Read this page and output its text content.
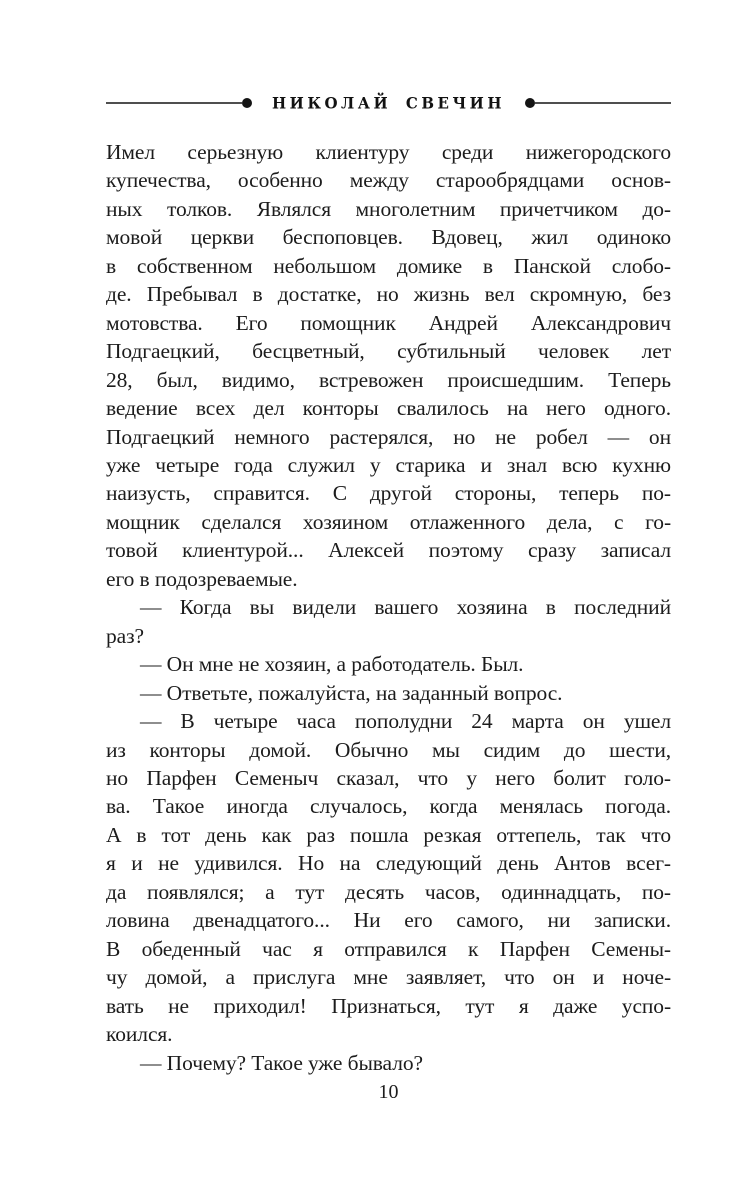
НИКОЛАЙ СВЕЧИН
Имел серьезную клиентуру среди нижегородского
купечества, особенно между старообрядцами основ-
ных толков. Являлся многолетним причетчиком до-
мовой церкви беспоповцев. Вдовец, жил одиноко
в собственном небольшом домике в Панской слобо-
де. Пребывал в достатке, но жизнь вел скромную, без
мотовства. Его помощник Андрей Александрович
Подгаецкий, бесцветный, субтильный человек лет
28, был, видимо, встревожен происшедшим. Теперь
ведение всех дел конторы свалилось на него одного.
Подгаецкий немного растерялся, но не робел — он
уже четыре года служил у старика и знал всю кухню
наизусть, справится. С другой стороны, теперь по-
мощник сделался хозяином отлаженного дела, с го-
товой клиентурой... Алексей поэтому сразу записал
его в подозреваемые.
— Когда вы видели вашего хозяина в последний
раз?
— Он мне не хозяин, а работодатель. Был.
— Ответьте, пожалуйста, на заданный вопрос.
— В четыре часа пополудни 24 марта он ушел
из конторы домой. Обычно мы сидим до шести,
но Парфен Семеныч сказал, что у него болит голо-
ва. Такое иногда случалось, когда менялась погода.
А в тот день как раз пошла резкая оттепель, так что
я и не удивился. Но на следующий день Антов всег-
да появлялся; а тут десять часов, одиннадцать, по-
ловина двенадцатого... Ни его самого, ни записки.
В обеденный час я отправился к Парфен Семены-
чу домой, а прислуга мне заявляет, что он и ноче-
вать не приходил! Признаться, тут я даже успо-
коился.
— Почему? Такое уже бывало?
10
